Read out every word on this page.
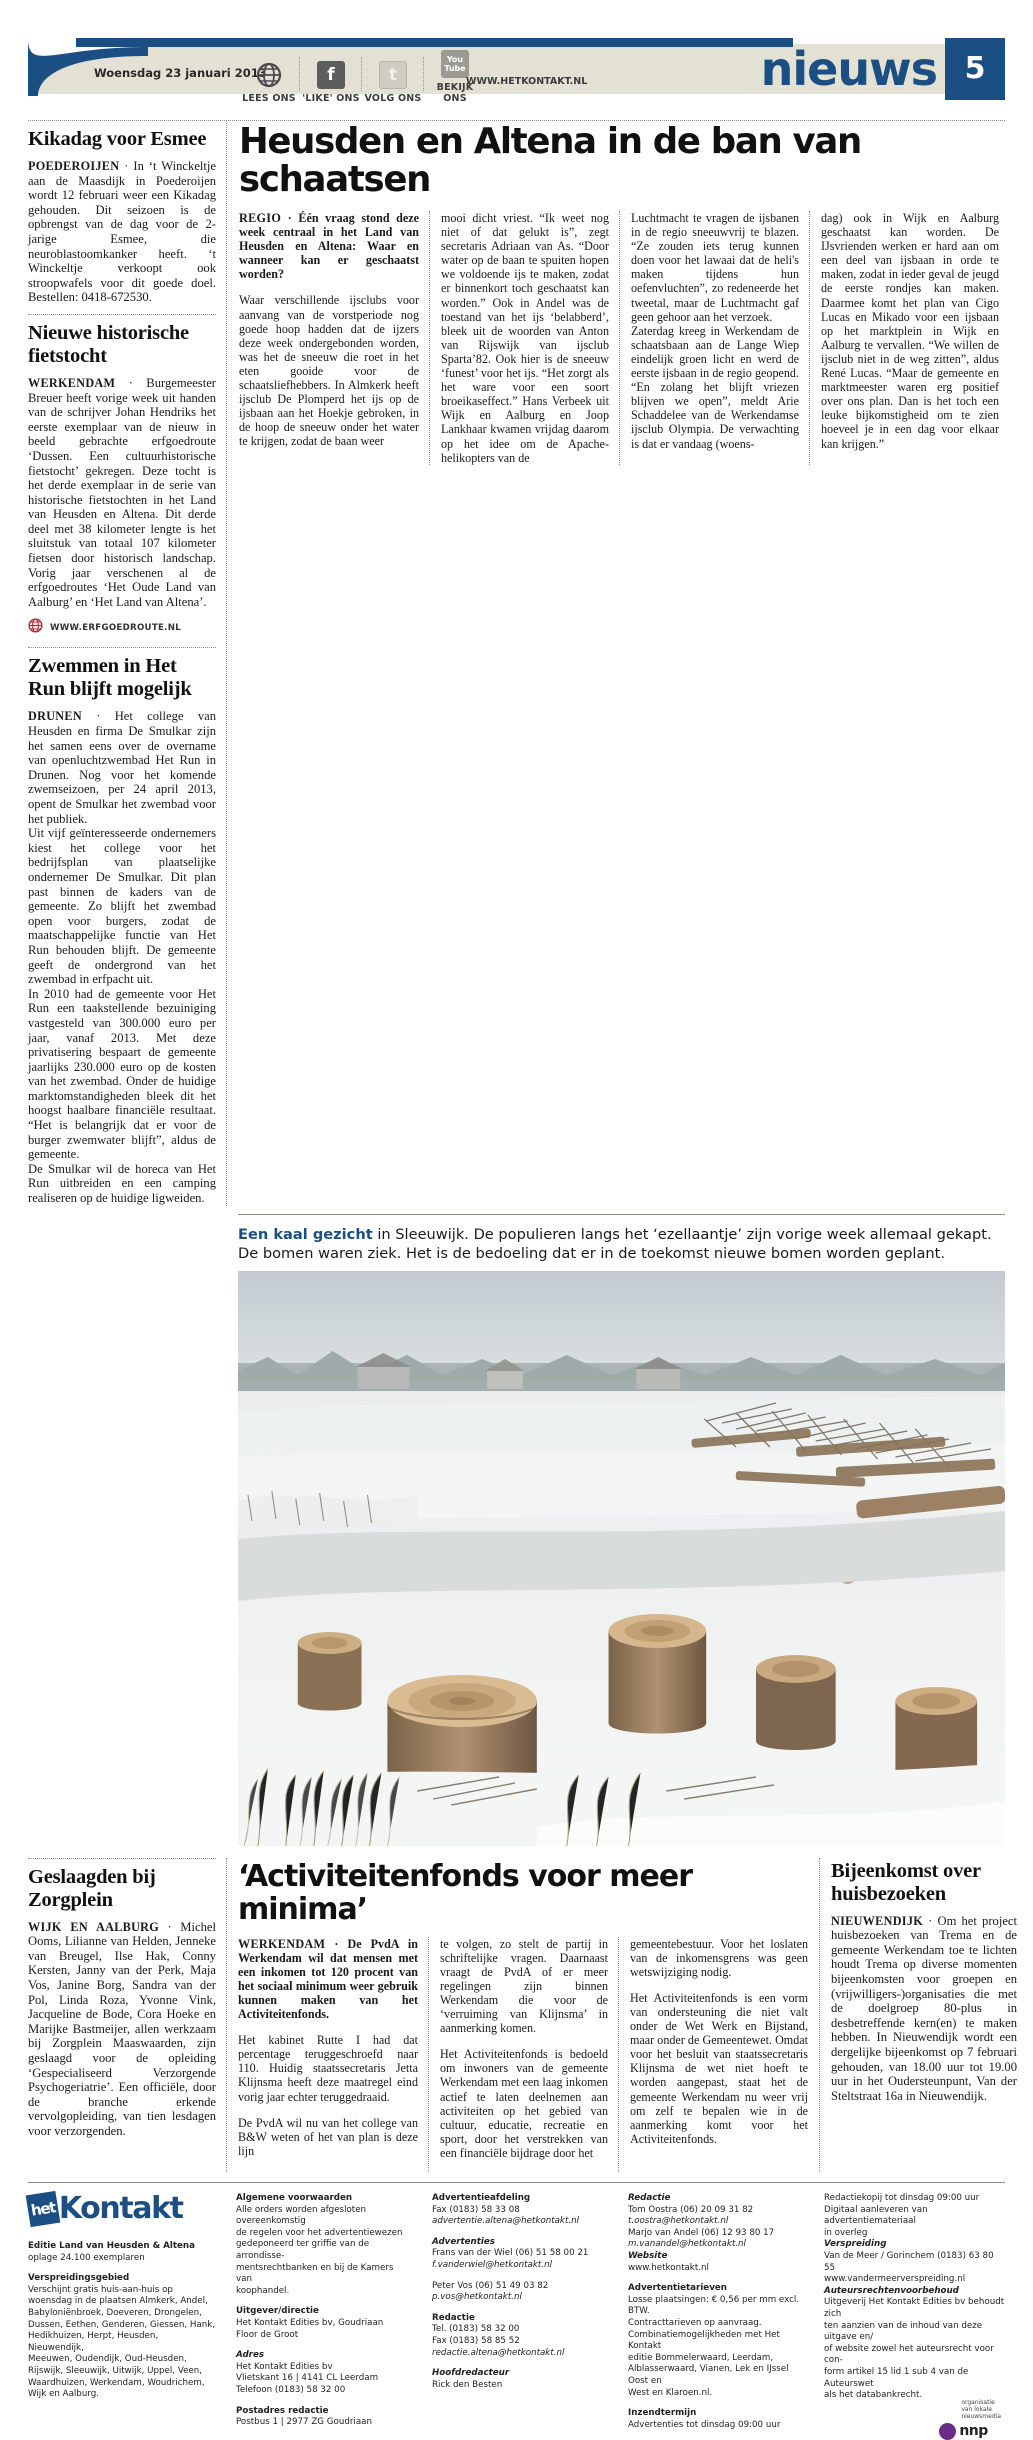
Woensdag 23 januari 2013
LEES ONS
f
'LIKE' ONS
t
VOLG ONS
You
Tube
BEKIJK ONS
WWW.HETKONTAKT.NL	nieuws 5
Kikadag voor Esmee

POEDEROIJEN · In ‘t Winckeltje aan de Maasdijk in Poederoijen wordt 12 februari weer een Kikadag gehouden. Dit seizoen is de opbrengst van de dag voor de 2-jarige Esmee, die neuroblastoomkanker heeft. ‘t Winckeltje verkoopt ook stroopwafels voor dit goede doel. Bestellen: 0418-672530.

Nieuwe historische fietstocht

WERKENDAM · Burgemeester Breuer heeft vorige week uit handen van de schrijver Johan Hendriks het eerste exemplaar van de nieuw in beeld gebrachte erfgoedroute ‘Dussen. Een cultuurhistorische fietstocht’ gekregen. Deze tocht is het derde exemplaar in de serie van historische fietstochten in het Land van Heusden en Altena. Dit derde deel met 38 kilometer lengte is het sluitstuk van totaal 107 kilometer fietsen door historisch landschap. Vorig jaar verschenen al de erfgoedroutes ‘Het Oude Land van Aalburg’ en ‘Het Land van Altena’.

WWW.ERFGOEDROUTE.NL
Zwemmen in Het Run blijft mogelijk

DRUNEN · Het college van Heusden en firma De Smulkar zijn het samen eens over de overname van openluchtzwembad Het Run in Drunen. Nog voor het komende zwemseizoen, per 24 april 2013, opent de Smulkar het zwembad voor het publiek.

Uit vijf geïnteresseerde ondernemers kiest het college voor het bedrijfsplan van plaatselijke ondernemer De Smulkar. Dit plan past binnen de kaders van de gemeente. Zo blijft het zwembad open voor burgers, zodat de maatschappelijke functie van Het Run behouden blijft. De gemeente geeft de ondergrond van het zwembad in erfpacht uit.

In 2010 had de gemeente voor Het Run een taakstellende bezuiniging vastgesteld van 300.000 euro per jaar, vanaf 2013. Met deze privatisering bespaart de gemeente jaarlijks 230.000 euro op de kosten van het zwembad. Onder de huidige marktomstandigheden bleek dit het hoogst haalbare financiële resultaat. “Het is belangrijk dat er voor de burger zwemwater blijft”, aldus de gemeente.

De Smulkar wil de horeca van Het Run uitbreiden en een camping realiseren op de huidige ligweiden.

Heusden en Altena in de ban van schaatsen

REGIO · Één vraag stond deze week centraal in het Land van Heusden en Altena: Waar en wanneer kan er geschaatst worden?

Waar verschillende ijsclubs voor aanvang van de vorstperiode nog goede hoop hadden dat de ijzers deze week ondergebonden worden, was het de sneeuw die roet in het eten gooide voor de schaatsliefhebbers. In Almkerk heeft ijsclub De Plomperd het ijs op de ijsbaan aan het Hoekje gebroken, in de hoop de sneeuw onder het water te krijgen, zodat de baan weer

mooi dicht vriest. “Ik weet nog niet of dat gelukt is”, zegt secretaris Adriaan van As. “Door water op de baan te spuiten hopen we voldoende ijs te maken, zodat er binnenkort toch geschaatst kan worden.” Ook in Andel was de toestand van het ijs ‘belabberd’, bleek uit de woorden van Anton van Rijswijk van ijsclub Sparta’82. Ook hier is de sneeuw ‘funest’ voor het ijs. “Het zorgt als het ware voor een soort broeikaseffect.” Hans Verbeek uit Wijk en Aalburg en Joop Lankhaar kwamen vrijdag daarom op het idee om de Apache-helikopters van de

Luchtmacht te vragen de ijsbanen in de regio sneeuwvrij te blazen. “Ze zouden iets terug kunnen doen voor het lawaai dat de heli's maken tijdens hun oefenvluchten”, zo redeneerde het tweetal, maar de Luchtmacht gaf geen gehoor aan het verzoek.

Zaterdag kreeg in Werkendam de schaatsbaan aan de Lange Wiep eindelijk groen licht en werd de eerste ijsbaan in de regio geopend. “En zolang het blijft vriezen blijven we open”, meldt Arie Schaddelee van de Werkendamse ijsclub Olympia. De verwachting is dat er vandaag (woens-

dag) ook in Wijk en Aalburg geschaatst kan worden. De IJsvrienden werken er hard aan om een deel van ijsbaan in orde te maken, zodat in ieder geval de jeugd de eerste rondjes kan maken. Daarmee komt het plan van Cigo Lucas en Mikado voor een ijsbaan op het marktplein in Wijk en Aalburg te vervallen. “We willen de ijsclub niet in de weg zitten”, aldus René Lucas. “Maar de gemeente en marktmeester waren erg positief over ons plan. Dan is het toch een leuke bijkomstigheid om te zien hoeveel je in een dag voor elkaar kan krijgen.”

Een kaal gezicht in Sleeuwijk. De populieren langs het ‘ezellaantje’ zijn vorige week allemaal gekapt. De bomen waren ziek. Het is de bedoeling dat er in de toekomst nieuwe bomen worden geplant.
Geslaagden bij Zorgplein

WIJK EN AALBURG · Michel Ooms, Lilianne van Helden, Jenneke van Breugel, Ilse Hak, Conny Kersten, Janny van der Perk, Maja Vos, Janine Borg, Sandra van der Pol, Linda Roza, Yvonne Vink, Jacqueline de Bode, Cora Hoeke en Marijke Bastmeijer, allen werkzaam bij Zorgplein Maaswaarden, zijn geslaagd voor de opleiding ‘Gespecialiseerd Verzorgende Psychogeriatrie’. Een officiële, door de branche erkende vervolgopleiding, van tien lesdagen voor verzorgenden.

‘Activiteitenfonds voor meer minima’

WERKENDAM · De PvdA in Werkendam wil dat mensen met een inkomen tot 120 procent van het sociaal minimum weer gebruik kunnen maken van het Activiteitenfonds.

Het kabinet Rutte I had dat percentage teruggeschroefd naar 110. Huidig staatssecretaris Jetta Klijnsma heeft deze maatregel eind vorig jaar echter teruggedraaid.

De PvdA wil nu van het college van B&W weten of het van plan is deze lijn

te volgen, zo stelt de partij in schriftelijke vragen. Daarnaast vraagt de PvdA of er meer regelingen zijn binnen Werkendam die voor de ‘verruiming van Klijnsma’ in aanmerking komen.

Het Activiteitenfonds is bedoeld om inwoners van de gemeente Werkendam met een laag inkomen actief te laten deelnemen aan activiteiten op het gebied van cultuur, educatie, recreatie en sport, door het verstrekken van een financiële bijdrage door het

gemeentebestuur. Voor het loslaten van de inkomensgrens was geen wetswijziging nodig.

Het Activiteitenfonds is een vorm van ondersteuning die niet valt onder de Wet Werk en Bijstand, maar onder de Gemeentewet. Omdat voor het besluit van staatssecretaris Klijnsma de wet niet hoeft te worden aangepast, staat het de gemeente Werkendam nu weer vrij om zelf te bepalen wie in de aanmerking komt voor het Activiteitenfonds.

Bijeenkomst over huisbezoeken

NIEUWENDIJK · Om het project huisbezoeken van Trema en de gemeente Werkendam toe te lichten houdt Trema op diverse momenten bijeenkomsten voor groepen en (vrijwilligers-)organisaties die met de doelgroep 80-plus in desbetreffende kern(en) te maken hebben. In Nieuwendijk wordt een dergelijke bijeenkomst op 7 februari gehouden, van 18.00 uur tot 19.00 uur in het Oudersteunpunt, Van der Steltstraat 16a in Nieuwendijk.

hetKontakt
Editie Land van Heusden & Altena
oplage 24.100 exemplaren
Verspreidingsgebied
Verschijnt gratis huis-aan-huis op
woensdag in de plaatsen Almkerk, Andel,
Babyloniënbroek, Doeveren, Drongelen,
Dussen, Eethen, Genderen, Giessen, Hank,
Hedikhuizen, Herpt, Heusden, Nieuwendijk,
Meeuwen, Oudendijk, Oud-Heusden,
Rijswijk, Sleeuwijk, Uitwijk, Uppel, Veen,
Waardhuizen, Werkendam, Woudrichem,
Wijk en Aalburg.
Algemene voorwaarden
Alle orders worden afgesloten overeenkomstig
de regelen voor het advertentiewezen
gedeponeerd ter griffie van de arrondisse-
mentsrechtbanken en bij de Kamers van
koophandel.
Uitgever/directie
Het Kontakt Edities bv, Goudriaan
Floor de Groot
Adres
Het Kontakt Edities bv
Vlietskant 16 | 4141 CL Leerdam
Telefoon (0183) 58 32 00
Postadres redactie
Postbus 1 | 2977 ZG Goudriaan
Advertentieafdeling
Fax (0183) 58 33 08
advertentie.altena@hetkontakt.nl
Advertenties
Frans van der Wiel (06) 51 58 00 21
f.vanderwiel@hetkontakt.nl
Peter Vos (06) 51 49 03 82
p.vos@hetkontakt.nl
Redactie
Tel. (0183) 58 32 00
Fax (0183) 58 85 52
redactie.altena@hetkontakt.nl
Hoofdredacteur
Rick den Besten
Redactie
Tom Oostra (06) 20 09 31 82
t.oostra@hetkontakt.nl
Marjo van Andel (06) 12 93 80 17
m.vanandel@hetkontakt.nl
Website
www.hetkontakt.nl
Advertentietarieven
Losse plaatsingen: € 0,56 per mm excl. BTW.
Contracttarieven op aanvraag.
Combinatiemogelijkheden met Het Kontakt
editie Bommelerwaard, Leerdam,
Alblasserwaard, Vianen, Lek en IJssel Oost en
West en Klaroen.nl.
Inzendtermijn
Advertenties tot dinsdag 09:00 uur
Redactiekopij tot dinsdag 09:00 uur
Digitaal aanleveren van advertentiemateriaal
in overleg
Verspreiding
Van de Meer / Gorinchem (0183) 63 80 55
www.vandermeerverspreiding.nl
Auteursrechtenvoorbehoud
Uitgeverij Het Kontakt Edities bv behoudt zich
ten aanzien van de inhoud van deze uitgave en/
of website zowel het auteursrecht voor con-
form artikel 15 lid 1 sub 4 van de Auteurswet
als het databankrecht.
organisatie
van lokale
nieuwsmedia
nnp
